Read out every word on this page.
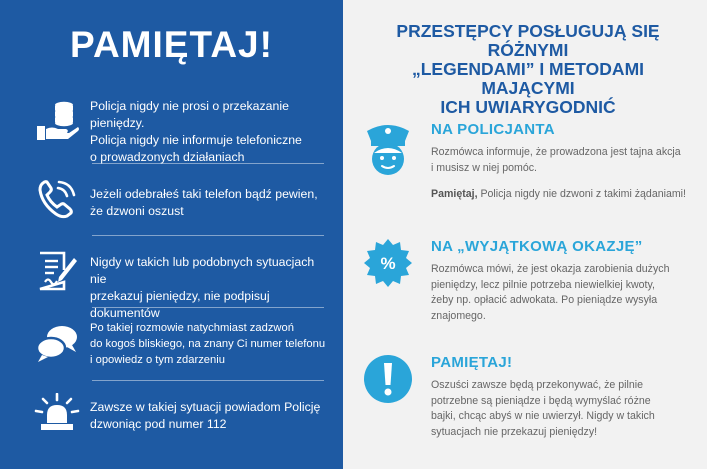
PAMIĘTAJ!
Policja nigdy nie prosi o przekazanie pieniędzy.
Policja nigdy nie informuje telefoniczne
o prowadzonych działaniach
Jeżeli odebrałeś taki telefon bądź pewien,
że dzwoni oszust
Nigdy w takich lub podobnych sytuacjach nie
przekazuj pieniędzy, nie podpisuj dokumentów
Po takiej rozmowie natychmiast zadzwoń
do kogoś bliskiego, na znany Ci numer telefonu
i opowiedz o tym zdarzeniu
Zawsze w takiej sytuacji powiadom Policję
dzwoniąc pod numer 112
PRZESTĘPCY POSŁUGUJĄ SIĘ RÓŻNYMI
„LEGENDAMI” I METODAMI MAJĄCYMI
ICH UWIARYGODNIĆ
NA POLICJANTA
Rozmówca informuje, że prowadzona jest tajna akcja
i musisz w niej pomóc.
Pamiętaj, Policja nigdy nie dzwoni z takimi żądaniami!
%
NA „WYJĄTKOWĄ OKAZJĘ”
Rozmówca mówi, że jest okazja zarobienia dużych
pieniędzy, lecz pilnie potrzeba niewielkiej kwoty,
żeby np. opłacić adwokata. Po pieniądze wysyła
znajomego.
PAMIĘTAJ!
Oszuści zawsze będą przekonywać, że pilnie
potrzebne są pieniądze i będą wymyślać różne
bajki, chcąc abyś w nie uwierzył. Nigdy w takich
sytuacjach nie przekazuj pieniędzy!
